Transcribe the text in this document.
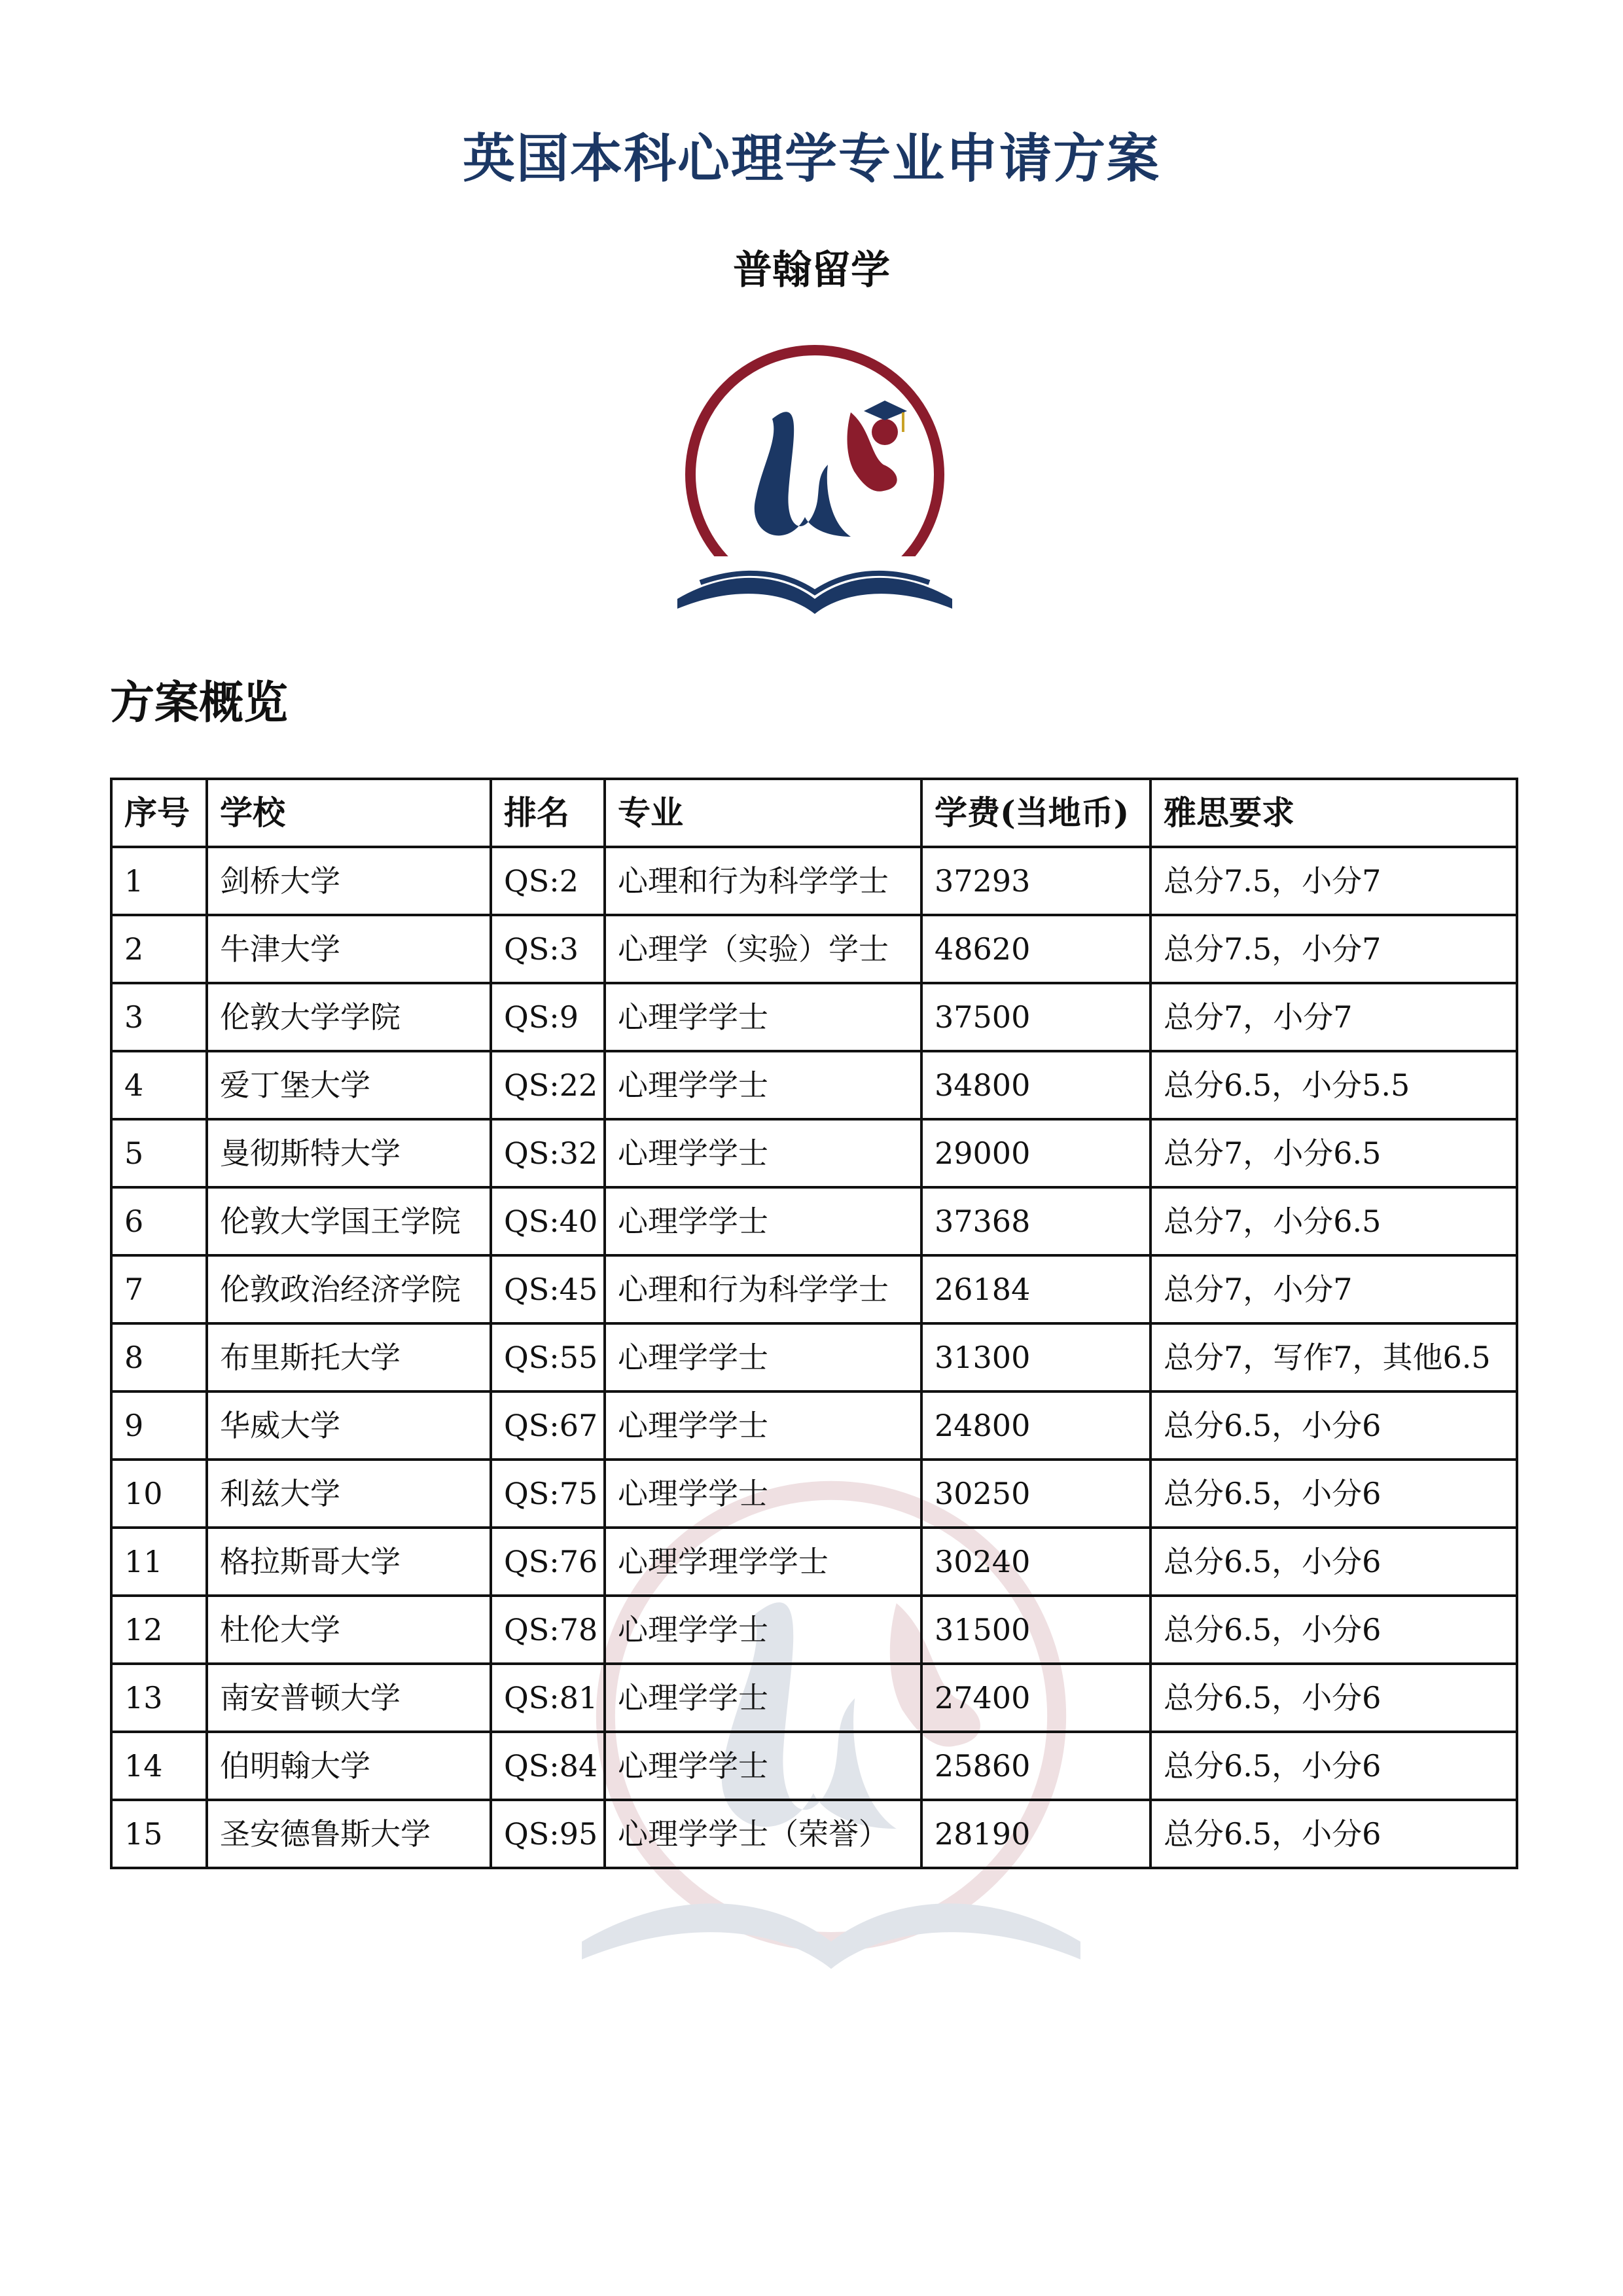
英国本科心理学专业申请方案
普翰留学
方案概览
序号	学校	排名	专业	学费(当地币)	雅思要求
1	剑桥大学	QS:2	心理和行为科学学士	37293	总分7.5，小分7
2	牛津大学	QS:3	心理学（实验）学士	48620	总分7.5，小分7
3	伦敦大学学院	QS:9	心理学学士	37500	总分7，小分7
4	爱丁堡大学	QS:22	心理学学士	34800	总分6.5，小分5.5
5	曼彻斯特大学	QS:32	心理学学士	29000	总分7，小分6.5
6	伦敦大学国王学院	QS:40	心理学学士	37368	总分7，小分6.5
7	伦敦政治经济学院	QS:45	心理和行为科学学士	26184	总分7，小分7
8	布里斯托大学	QS:55	心理学学士	31300	总分7，写作7，其他6.5
9	华威大学	QS:67	心理学学士	24800	总分6.5，小分6
10	利兹大学	QS:75	心理学学士	30250	总分6.5，小分6
11	格拉斯哥大学	QS:76	心理学理学学士	30240	总分6.5，小分6
12	杜伦大学	QS:78	心理学学士	31500	总分6.5，小分6
13	南安普顿大学	QS:81	心理学学士	27400	总分6.5，小分6
14	伯明翰大学	QS:84	心理学学士	25860	总分6.5，小分6
15	圣安德鲁斯大学	QS:95	心理学学士（荣誉）	28190	总分6.5，小分6
